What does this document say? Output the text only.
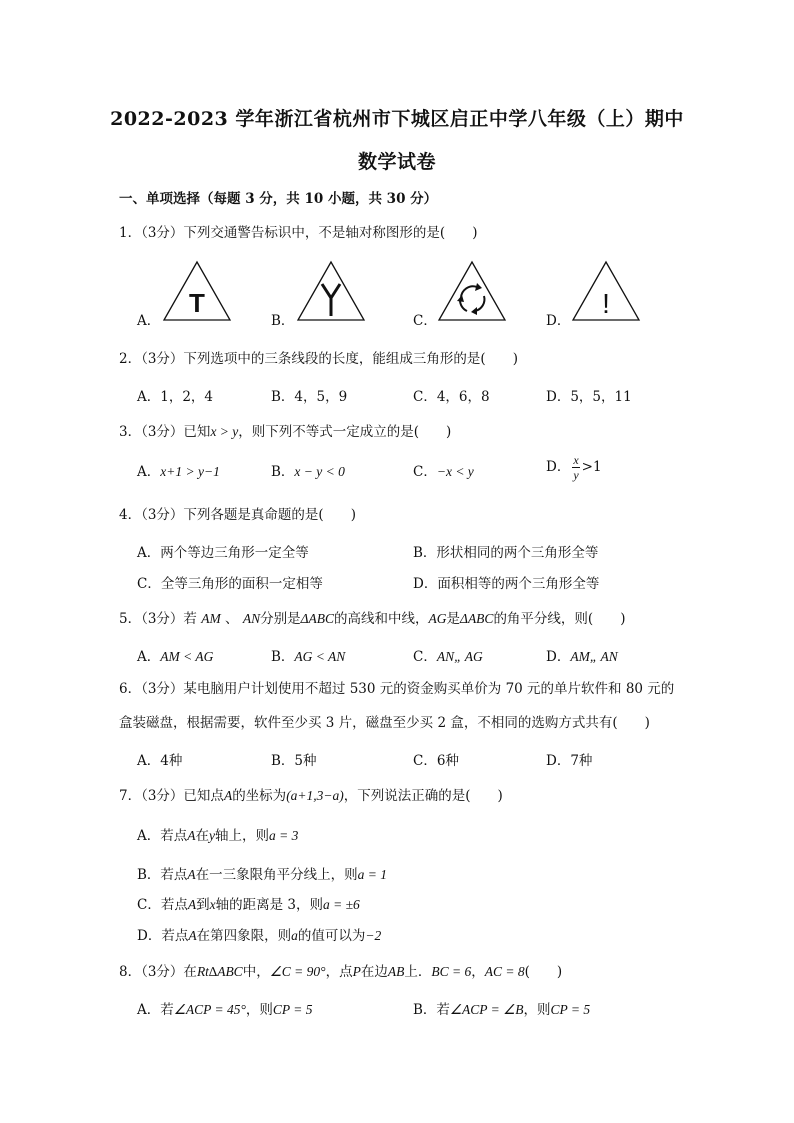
2022-2023 学年浙江省杭州市下城区启正中学八年级（上）期中
数学试卷
一、单项选择（每题 3 分，共 10 小题，共 30 分）
1．（3分）下列交通警告标识中，不是轴对称图形的是(　　)
A．
T
B．	C．	D．
!
2．（3分）下列选项中的三条线段的长度，能组成三角形的是(　　)
A．1，2，4	B．4，5，9	C．4，6，8	D．5，5，11
3．（3分）已知x > y，则下列不等式一定成立的是(　　)
A．x+1 > y−1	B．x − y < 0	C．−x < y	D． $\frac{x}{y} >1$
4．（3分）下列各题是真命题的是(　　)
A．两个等边三角形一定全等	B．形状相同的两个三角形全等
C．全等三角形的面积一定相等	D．面积相等的两个三角形全等
5．（3分）若 AM 、 AN分别是ΔABC的高线和中线，AG是ΔABC的角平分线，则(　　)
A．AM < AG	B．AG < AN	C．AN„ AG	D．AM„ AN
6．（3分）某电脑用户计划使用不超过 530 元的资金购买单价为 70 元的单片软件和 80 元的
盒装磁盘，根据需要，软件至少买 3 片，磁盘至少买 2 盒，不相同的选购方式共有(　　)
A．4种	B．5种	C．6种	D．7种
7．（3分）已知点A的坐标为(a+1,3−a)，下列说法正确的是(　　)
A．若点A在y轴上，则a = 3
B．若点A在一三象限角平分线上，则a = 1
C．若点A到x轴的距离是 3，则a = ±6
D．若点A在第四象限，则a的值可以为−2
8．（3分）在Rt∆ABC中，∠C = 90°，点P在边AB上．BC = 6，AC = 8(　　)
A．若∠ACP = 45°，则CP = 5	B．若∠ACP = ∠B，则CP = 5
